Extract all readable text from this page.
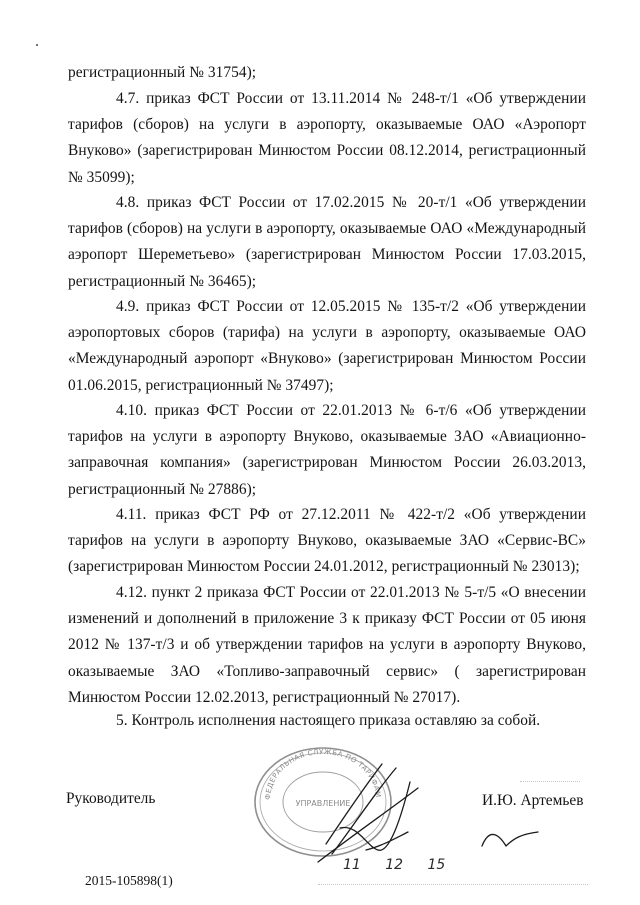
регистрационный № 31754);

4.7. приказ ФСТ России от 13.11.2014 № 248-т/1 «Об утверждении тарифов (сборов) на услуги в аэропорту, оказываемые ОАО «Аэропорт Внуково» (зарегистрирован Минюстом России 08.12.2014, регистрационный № 35099);

4.8. приказ ФСТ России от 17.02.2015 № 20-т/1 «Об утверждении тарифов (сборов) на услуги в аэропорту, оказываемые ОАО «Международный аэропорт Шереметьево» (зарегистрирован Минюстом России 17.03.2015, регистрационный № 36465);

4.9. приказ ФСТ России от 12.05.2015 № 135-т/2 «Об утверждении аэропортовых сборов (тарифа) на услуги в аэропорту, оказываемые ОАО «Международный аэропорт «Внуково» (зарегистрирован Минюстом России 01.06.2015, регистрационный № 37497);

4.10. приказ ФСТ России от 22.01.2013 № 6-т/6 «Об утверждении тарифов на услуги в аэропорту Внуково, оказываемые ЗАО «Авиационно-заправочная компания» (зарегистрирован Минюстом России 26.03.2013, регистрационный № 27886);

4.11. приказ ФСТ РФ от 27.12.2011 № 422-т/2 «Об утверждении тарифов на услуги в аэропорту Внуково, оказываемые ЗАО «Сервис-ВС» (зарегистрирован Минюстом России 24.01.2012, регистрационный № 23013);

4.12. пункт 2 приказа ФСТ России от 22.01.2013 № 5-т/5 «О внесении изменений и дополнений в приложение 3 к приказу ФСТ России от 05 июня 2012 № 137-т/3 и об утверждении тарифов на услуги в аэропорту Внуково, оказываемые ЗАО «Топливо-заправочный сервис» ( зарегистрирован Минюстом России 12.02.2013, регистрационный № 27017).

5. Контроль исполнения настоящего приказа оставляю за собой.

ФЕДЕРАЛЬНАЯ СЛУЖБА ПО ТАРИФАМ
УПРАВЛЕНИЕ
Руководитель	И.Ю. Артемьев
11 12 15
2015-105898(1)
